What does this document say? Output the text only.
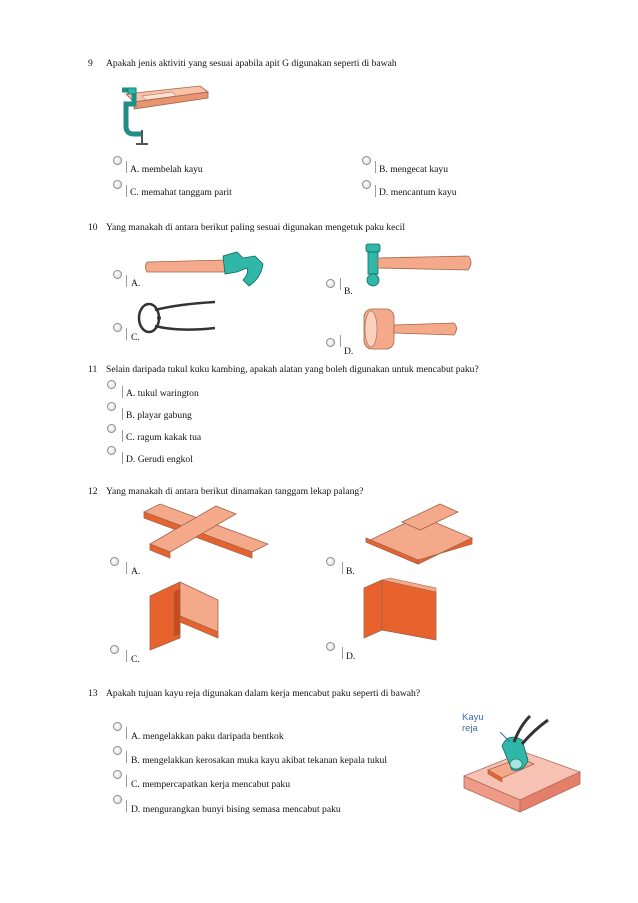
9 Apakah jenis aktiviti yang sesuai apabila apit G digunakan seperti di bawah
A. membelah kayu	B. mengecat kayu
C. memahat tanggam parit	D. mencantum kayu
10 Yang manakah di antara berikut paling sesuai digunakan mengetuk paku kecil
A.
B.
C.
D.
11 Selain daripada tukul kuku kambing, apakah alatan yang boleh digunakan untuk mencabut paku?
A. tukul warington
B. playar gabung
C. ragum kakak tua
D. Gerudi engkol
12 Yang manakah di antara berikut dinamakan tanggam lekap palang?
A.	B.
C.	D.
13 Apakah tujuan kayu reja digunakan dalam kerja mencabut paku seperti di bawah?
A. mengelakkan paku daripada bentkok
B. mengelakkan kerosakan muka kayu akibat tekanan kepala tukul
C. mempercapatkan kerja mencabut paku
D. mengurangkan bunyi bising semasa mencabut paku
Kayu
reja
